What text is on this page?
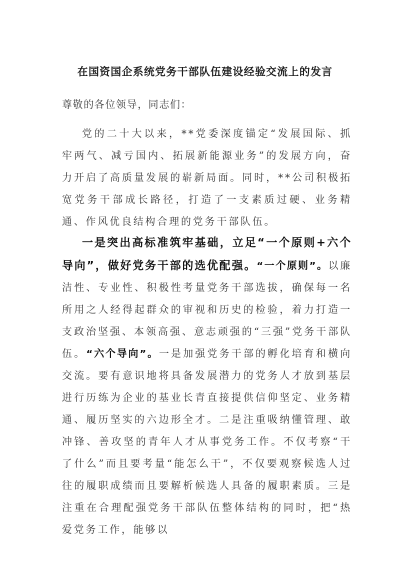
在国资国企系统党务干部队伍建设经验交流上的发言
尊敬的各位领导，同志们：

党的二十大以来，**党委深度锚定“发展国际、抓牢两气、减亏国内、拓展新能源业务”的发展方向，奋力开启了高质量发展的崭新局面。同时，**公司积极拓宽党务干部成长路径，打造了一支素质过硬、业务精通、作风优良结构合理的党务干部队伍。

一是突出高标准筑牢基础，立足“一个原则+六个导向”，做好党务干部的选优配强。“一个原则”。以廉洁性、专业性、积极性考量党务干部选拔，确保每一名所用之人经得起群众的审视和历史的检验，着力打造一支政治坚强、本领高强、意志顽强的“三强”党务干部队伍。“六个导向”。一是加强党务干部的孵化培育和横向交流。要有意识地将具备发展潜力的党务人才放到基层进行历练为企业的基业长青直接提供信仰坚定、业务精通、履历坚实的六边形全才。二是注重吸纳懂管理、敢冲锋、善攻坚的青年人才从事党务工作。不仅考察“干了什么”而且要考量“能怎么干”，不仅要观察候选人过往的履职成绩而且要解析候选人具备的履职素质。三是注重在合理配强党务干部队伍整体结构的同时，把“热爱党务工作，能够以
